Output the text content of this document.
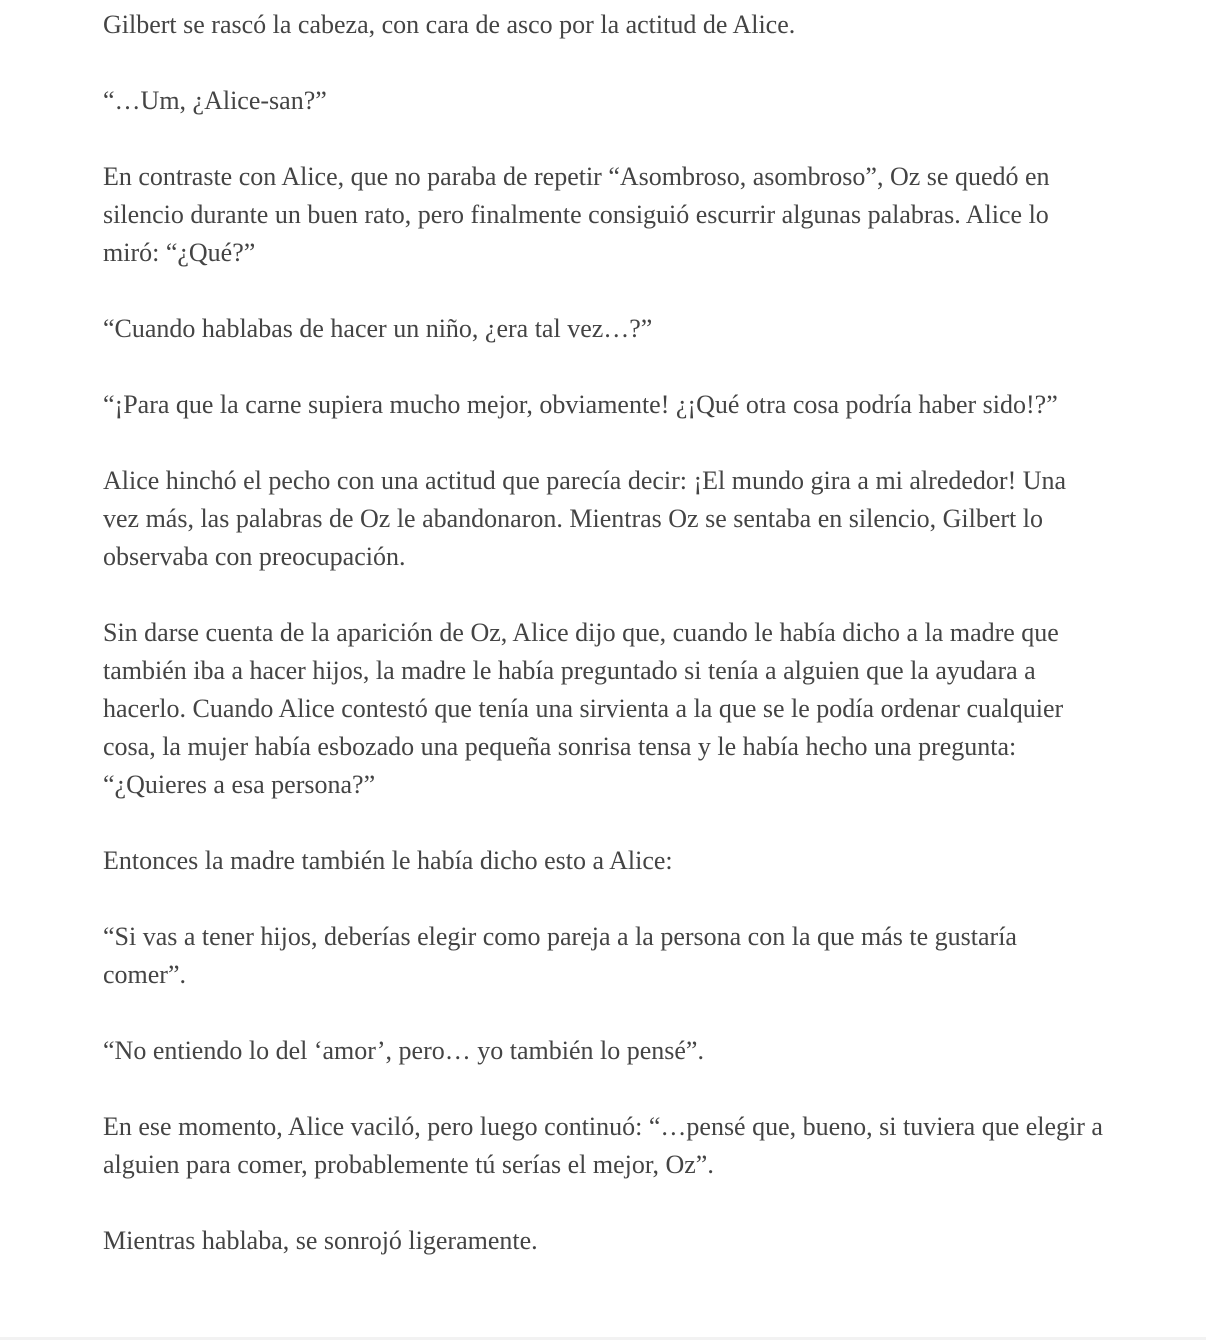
Gilbert se rascó la cabeza, con cara de asco por la actitud de Alice.

“…Um, ¿Alice-san?”

En contraste con Alice, que no paraba de repetir “Asombroso, asombroso”, Oz se quedó en silencio durante un buen rato, pero finalmente consiguió escurrir algunas palabras. Alice lo miró: “¿Qué?”

“Cuando hablabas de hacer un niño, ¿era tal vez…?”

“¡Para que la carne supiera mucho mejor, obviamente! ¿¡Qué otra cosa podría haber sido!?”

Alice hinchó el pecho con una actitud que parecía decir: ¡El mundo gira a mi alrededor! Una vez más, las palabras de Oz le abandonaron. Mientras Oz se sentaba en silencio, Gilbert lo observaba con preocupación.

Sin darse cuenta de la aparición de Oz, Alice dijo que, cuando le había dicho a la madre que también iba a hacer hijos, la madre le había preguntado si tenía a alguien que la ayudara a hacerlo. Cuando Alice contestó que tenía una sirvienta a la que se le podía ordenar cualquier cosa, la mujer había esbozado una pequeña sonrisa tensa y le había hecho una pregunta: “¿Quieres a esa persona?”

Entonces la madre también le había dicho esto a Alice:

“Si vas a tener hijos, deberías elegir como pareja a la persona con la que más te gustaría comer”.

“No entiendo lo del ‘amor’, pero… yo también lo pensé”.

En ese momento, Alice vaciló, pero luego continuó: “…pensé que, bueno, si tuviera que elegir a alguien para comer, probablemente tú serías el mejor, Oz”.

Mientras hablaba, se sonrojó ligeramente.
